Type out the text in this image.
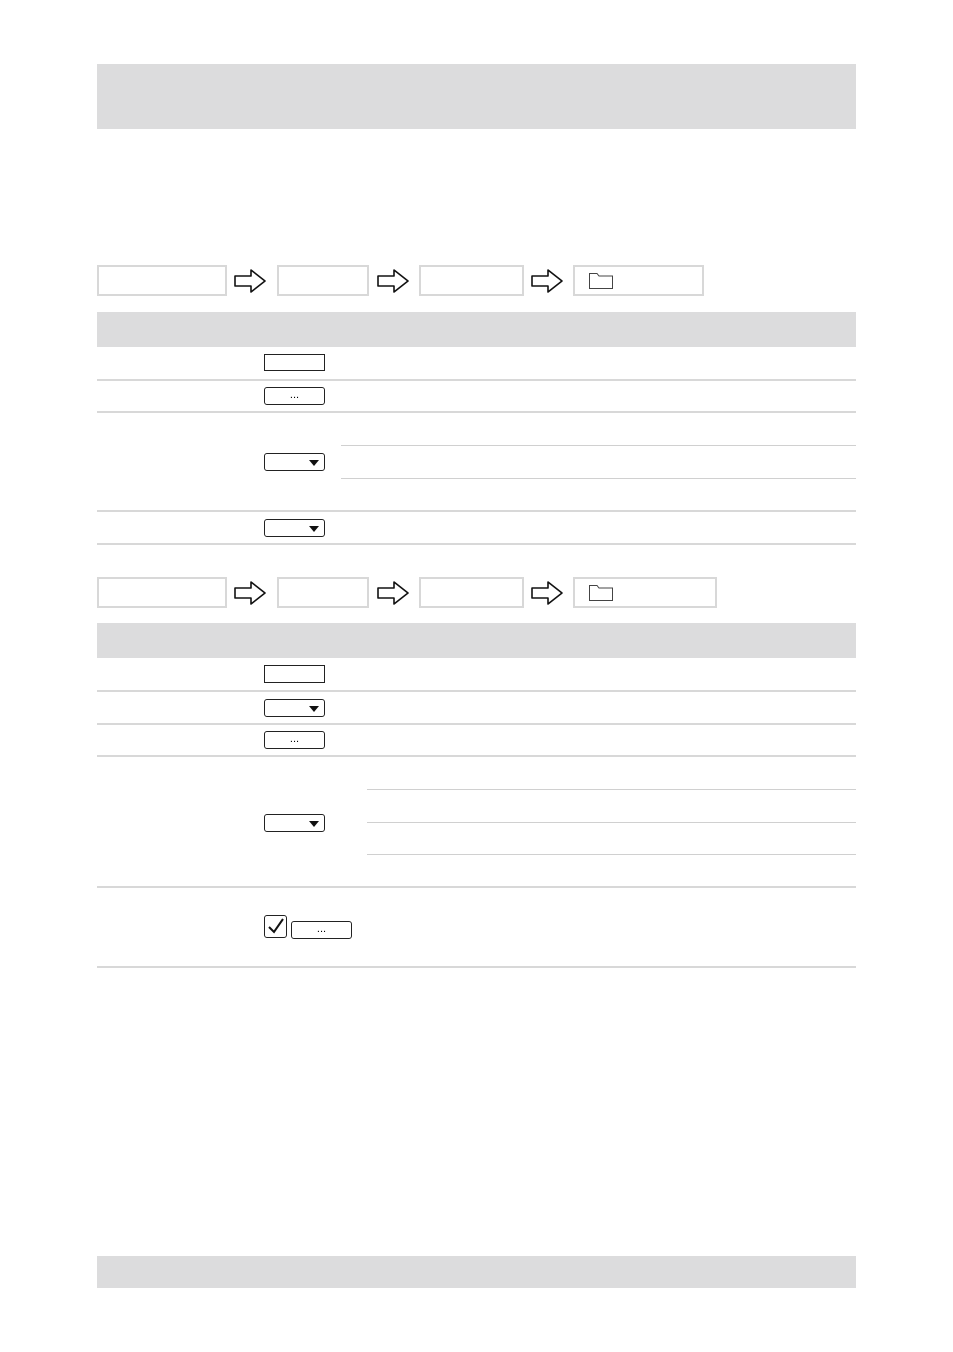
...
...
...
